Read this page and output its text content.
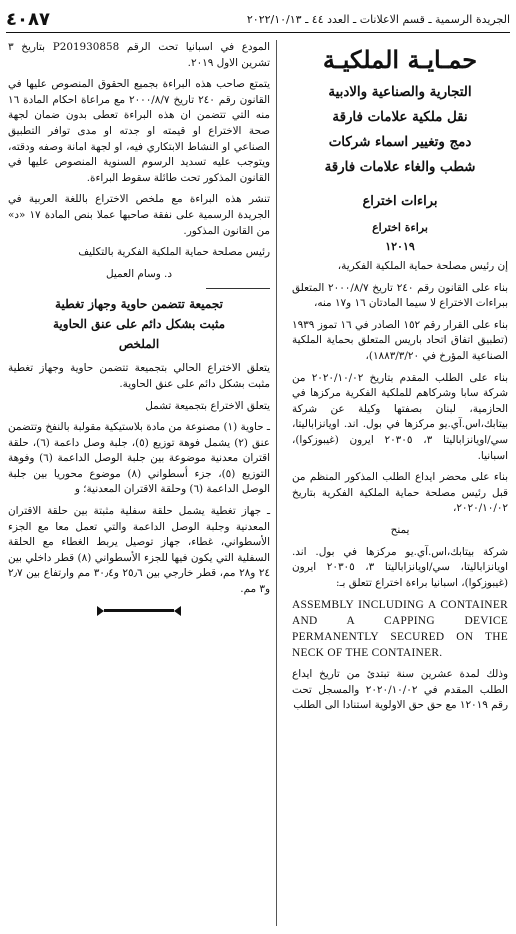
الجريدة الرسمية ـ قسم الاعلانات ـ العدد ٤٤ ـ ٢٠٢٢/١٠/١٣
٤٠٨٧
حمـايـة الملكيـة
التجارية والصناعية والادبية
نقل ملكية علامات فارقة
دمج وتغيير اسماء شركات
شطب والغاء علامات فارقة
براءات اختراع
براءة اختراع
١٢٠١٩

إن رئيس مصلحة حماية الملكية الفكرية،

بناء على القانون رقم ٢٤٠ تاريخ ٢٠٠٠/٨/٧ المتعلق ببراءات الاختراع لا سيما المادتان ١٦ و١٧ منه،

بناء على القرار رقم ١٥٢ الصادر في ١٦ تموز ١٩٣٩ (تطبيق اتفاق اتحاد باريس المتعلق بحماية الملكية الصناعية المؤرخ في ١٨٨٣/٣/٢٠)،

بناء على الطلب المقدم بتاريخ ٢٠٢٠/١٠/٠٢ من شركة سابا وشركاهم للملكية الفكرية مركزها في الحازمية، لبنان بصفتها وكيلة عن شركة بيتابك،اس.آي.يو مركزها في بول. اند. اويانزاباليتا، سي/اويانزاباليتا ٣، ٢٠٣٠٥ ايرون (غيبوزكوا)، اسبانيا.

بناء على محضر ايداع الطلب المذكور المنظم من قبل رئيس مصلحة حماية الملكية الفكرية بتاريخ ٢٠٢٠/١٠/٠٢،

يمنح

شركة بيتابك،اس.آي.يو مركزها في بول. اند. اويانزاباليتا، سي/اويانزاباليتا ٣، ٢٠٣٠٥ ايرون (غيبوزكوا)، اسبانيا براءة اختراع تتعلق بـ:

ASSEMBLY INCLUDING A CONTAINER AND A CAPPING DEVICE PERMANENTLY SECURED ON THE NECK OF THE CONTAINER.

وذلك لمدة عشرين سنة تبتدئ من تاريخ ايداع الطلب المقدم في ٢٠٢٠/١٠/٠٢ والمسجل تحت رقم ١٢٠١٩ مع حق حق الاولوية استنادا الى الطلب

المودع في اسبانيا تحت الرقم P201930858 بتاريخ ٣ تشرين الاول ٢٠١٩.

يتمتع صاحب هذه البراءة بجميع الحقوق المنصوص عليها في القانون رقم ٢٤٠ تاريخ ٢٠٠٠/٨/٧ مع مراعاة احكام المادة ١٦ منه التي تتضمن ان هذه البراءة تعطى بدون ضمان لجهة صحة الاختراع او قيمته او جدته او مدى توافر التطبيق الصناعي او النشاط الابتكاري فيه، او لجهة امانة وصفه ودقته، ويتوجب عليه تسديد الرسوم السنوية المنصوص عليها في القانون المذكور تحت طائلة سقوط البراءة.

تنشر هذه البراءة مع ملخص الاختراع باللغة العربية في الجريدة الرسمية على نفقة صاحبها عملا بنص المادة ١٧ «د» من القانون المذكور.

رئيس مصلحة حماية الملكية الفكرية بالتكليف

د. وسام العميل

تجميعة تتضمن حاوية وجهاز تغطية
مثبت بشكل دائم على عنق الحاوية
الملخص

يتعلق الاختراع الحالي بتجميعة تتضمن حاوية وجهاز تغطية مثبت بشكل دائم على عنق الحاوية.

يتعلق الاختراع بتجميعة تشمل

ـ حاوية (١) مصنوعة من مادة بلاستيكية مقولبة بالنفخ وتتضمن عنق (٢) يشمل فوهة توزيع (٥)، جلبة وصل داعمة (٦)، حلقة اقتران معدنية موضوعة بين جلبة الوصل الداعمة (٦) وفوهة التوزيع (٥)، جزء أسطواني (٨) موضوع محوريا بين جلبة الوصل الداعمة (٦) وحلقة الاقتران المعدنية؛ و

ـ جهاز تغطية يشمل حلقة سفلية مثبتة بين حلقة الاقتران المعدنية وجلبة الوصل الداعمة والتي تعمل معا مع الجزء الأسطواني، غطاء، جهاز توصيل يربط الغطاء مع الحلقة السفلية التي يكون فيها للجزء الأسطواني (٨) قطر داخلي بين ٢٤ و٢٨ مم، قطر خارجي بين ٢٥٫٦ و٣٠٫٤ مم وارتفاع بين ٢٫٧ و٣ مم.
